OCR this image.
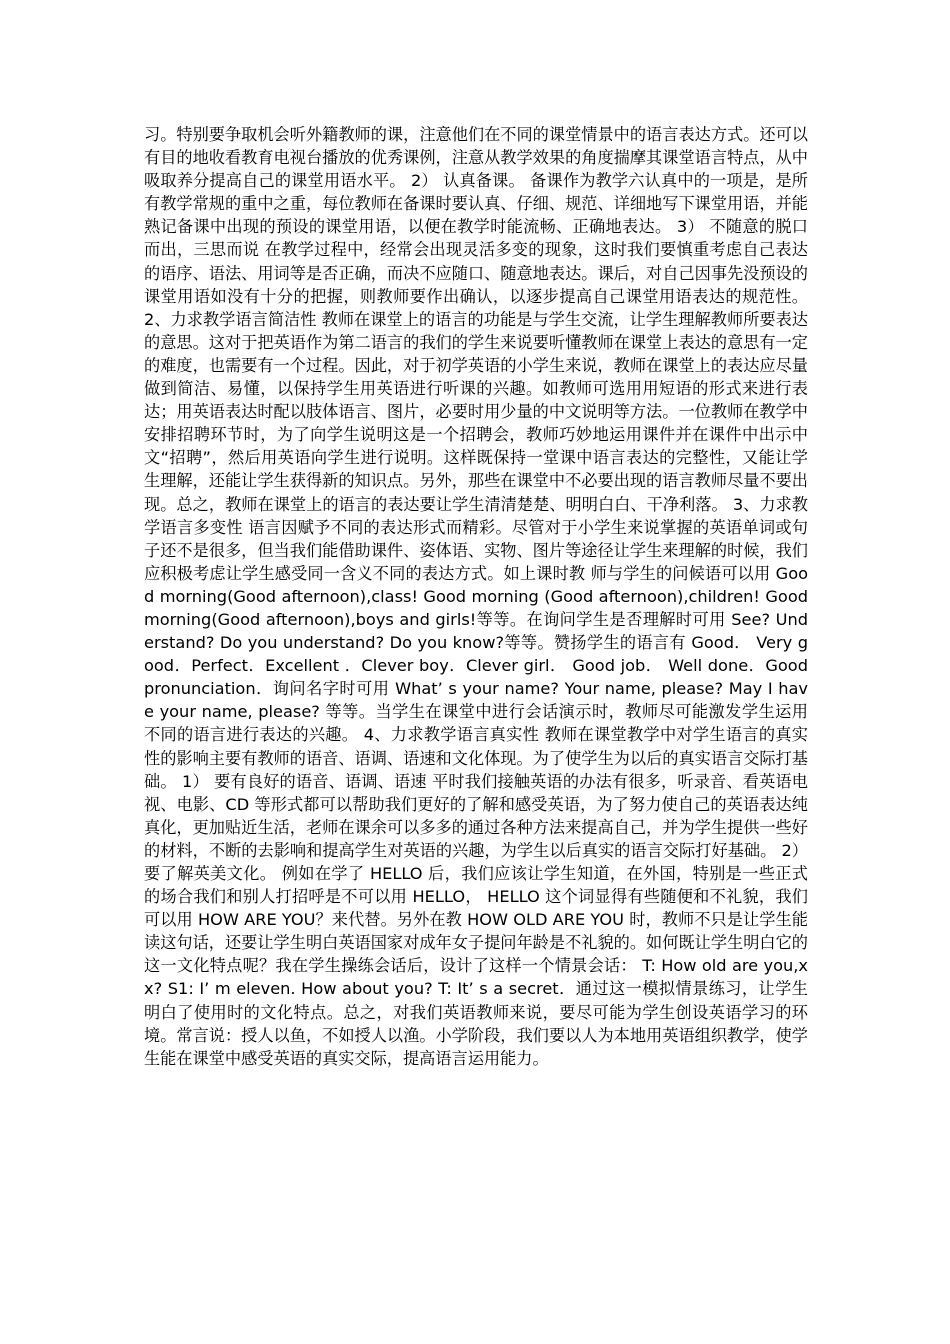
习。特别要争取机会听外籍教师的课，注意他们在不同的课堂情景中的语言表达方式。还可以有目的地收看教育电视台播放的优秀课例，注意从教学效果的角度揣摩其课堂语言特点，从中吸取养分提高自己的课堂用语水平。 2） 认真备课。 备课作为教学六认真中的一项是，是所有教学常规的重中之重，每位教师在备课时要认真、仔细、规范、详细地写下课堂用语，并能熟记备课中出现的预设的课堂用语，以便在教学时能流畅、正确地表达。 3） 不随意的脱口而出，三思而说 在教学过程中，经常会出现灵活多变的现象，这时我们要慎重考虑自己表达的语序、语法、用词等是否正确，而决不应随口、随意地表达。课后，对自己因事先没预设的课堂用语如没有十分的把握，则教师要作出确认，以逐步提高自己课堂用语表达的规范性。 2、力求教学语言简洁性 教师在课堂上的语言的功能是与学生交流，让学生理解教师所要表达的意思。这对于把英语作为第二语言的我们的学生来说要听懂教师在课堂上表达的意思有一定的难度，也需要有一个过程。因此，对于初学英语的小学生来说，教师在课堂上的表达应尽量做到简洁、易懂，以保持学生用英语进行听课的兴趣。如教师可选用用短语的形式来进行表达；用英语表达时配以肢体语言、图片，必要时用少量的中文说明等方法。一位教师在教学中安排招聘环节时，为了向学生说明这是一个招聘会，教师巧妙地运用课件并在课件中出示中文“招聘”，然后用英语向学生进行说明。这样既保持一堂课中语言表达的完整性，又能让学生理解，还能让学生获得新的知识点。另外，那些在课堂中不必要出现的语言教师尽量不要出现。总之，教师在课堂上的语言的表达要让学生清清楚楚、明明白白、干净利落。 3、力求教学语言多变性 语言因赋予不同的表达形式而精彩。尽管对于小学生来说掌握的英语单词或句子还不是很多，但当我们能借助课件、姿体语、实物、图片等途径让学生来理解的时候，我们应积极考虑让学生感受同一含义不同的表达方式。如上课时教 师与学生的问候语可以用 Good morning(Good afternoon),class! Good morning (Good afternoon),children! Good morning(Good afternoon),boys and girls!等等。在询问学生是否理解时可用 See? Understand? Do you understand? Do you know?等等。赞扬学生的语言有 Good． Very good．Perfect．Excellent ．Clever boy．Clever girl． Good job． Well done．Good pronunciation．询问名字时可用 What’ s your name? Your name, please? May I have your name, please? 等等。当学生在课堂中进行会话演示时，教师尽可能激发学生运用不同的语言进行表达的兴趣。 4、力求教学语言真实性 教师在课堂教学中对学生语言的真实性的影响主要有教师的语音、语调、语速和文化体现。为了使学生为以后的真实语言交际打基础。 1） 要有良好的语音、语调、语速 平时我们接触英语的办法有很多，听录音、看英语电视、电影、CD 等形式都可以帮助我们更好的了解和感受英语，为了努力使自己的英语表达纯真化，更加贴近生活，老师在课余可以多多的通过各种方法来提高自己，并为学生提供一些好的材料，不断的去影响和提高学生对英语的兴趣，为学生以后真实的语言交际打好基础。 2） 要了解英美文化。 例如在学了 HELLO 后，我们应该让学生知道，在外国，特别是一些正式的场合我们和别人打招呼是不可以用 HELLO， HELLO 这个词显得有些随便和不礼貌，我们可以用 HOW ARE YOU？来代替。另外在教 HOW OLD ARE YOU 时，教师不只是让学生能读这句话，还要让学生明白英语国家对成年女子提问年龄是不礼貌的。如何既让学生明白它的这一文化特点呢？我在学生操练会话后，设计了这样一个情景会话： T: How old are you,xx? S1: I’ m eleven. How about you? T: It’ s a secret．通过这一模拟情景练习，让学生明白了使用时的文化特点。总之，对我们英语教师来说，要尽可能为学生创设英语学习的环境。常言说：授人以鱼，不如授人以渔。小学阶段，我们要以人为本地用英语组织教学，使学生能在课堂中感受英语的真实交际，提高语言运用能力。
